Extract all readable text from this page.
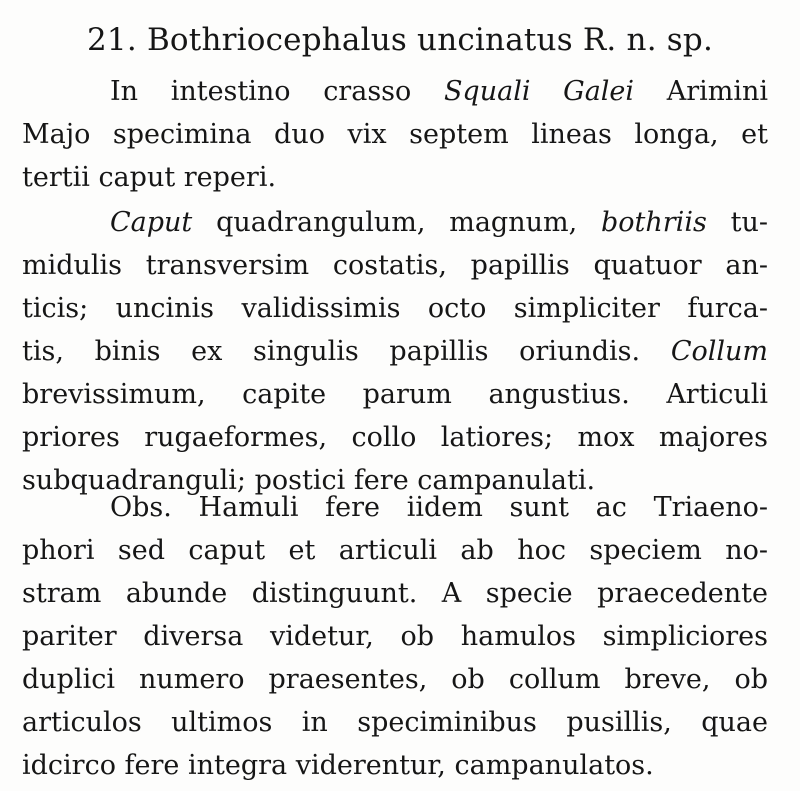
21. Bothriocephalus uncinatus R. n. sp.
In intestino crasso Squali Galei Arimini
Majo specimina duo vix septem lineas longa, et
tertii caput reperi.
Caput quadrangulum, magnum, bothriis tu-
midulis transversim costatis, papillis quatuor an-
ticis; uncinis validissimis octo simpliciter furca-
tis, binis ex singulis papillis oriundis. Collum
brevissimum, capite parum angustius. Articuli
priores rugaeformes, collo latiores; mox majores
subquadranguli; postici fere campanulati.
Obs. Hamuli fere iidem sunt ac Triaeno-
phori sed caput et articuli ab hoc speciem no-
stram abunde distinguunt. A specie praecedente
pariter diversa videtur, ob hamulos simpliciores
duplici numero praesentes, ob collum breve, ob
articulos ultimos in speciminibus pusillis, quae
idcirco fere integra viderentur, campanulatos.
